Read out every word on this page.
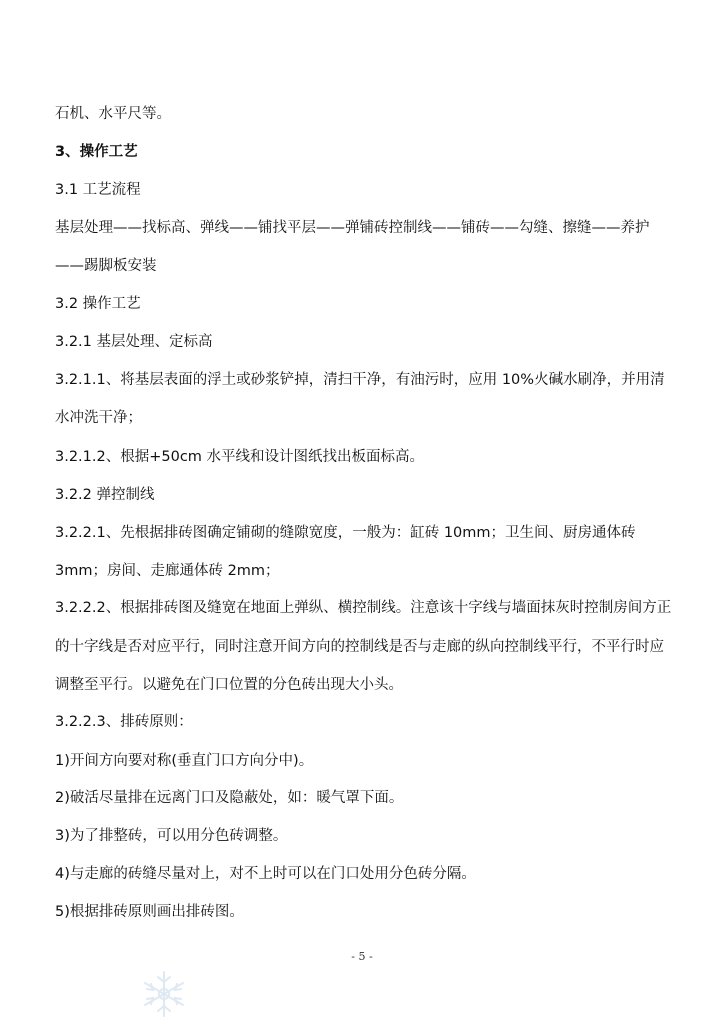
石机、水平尺等。
3、操作工艺
3.1 工艺流程
基层处理——找标高、弹线——铺找平层——弹铺砖控制线——铺砖——勾缝、擦缝——养护
——踢脚板安装
3.2 操作工艺
3.2.1 基层处理、定标高
3.2.1.1、将基层表面的浮土或砂浆铲掉，清扫干净，有油污时，应用 10%火碱水刷净，并用清
水冲洗干净；
3.2.1.2、根据+50cm 水平线和设计图纸找出板面标高。
3.2.2 弹控制线
3.2.2.1、先根据排砖图确定铺砌的缝隙宽度，一般为：缸砖 10mm；卫生间、厨房通体砖
3mm；房间、走廊通体砖 2mm；
3.2.2.2、根据排砖图及缝宽在地面上弹纵、横控制线。注意该十字线与墙面抹灰时控制房间方正
的十字线是否对应平行，同时注意开间方向的控制线是否与走廊的纵向控制线平行，不平行时应
调整至平行。以避免在门口位置的分色砖出现大小头。
3.2.2.3、排砖原则：
1)开间方向要对称(垂直门口方向分中)。
2)破活尽量排在远离门口及隐蔽处，如：暖气罩下面。
3)为了排整砖，可以用分色砖调整。
4)与走廊的砖缝尽量对上，对不上时可以在门口处用分色砖分隔。
5)根据排砖原则画出排砖图。
- 5 -
